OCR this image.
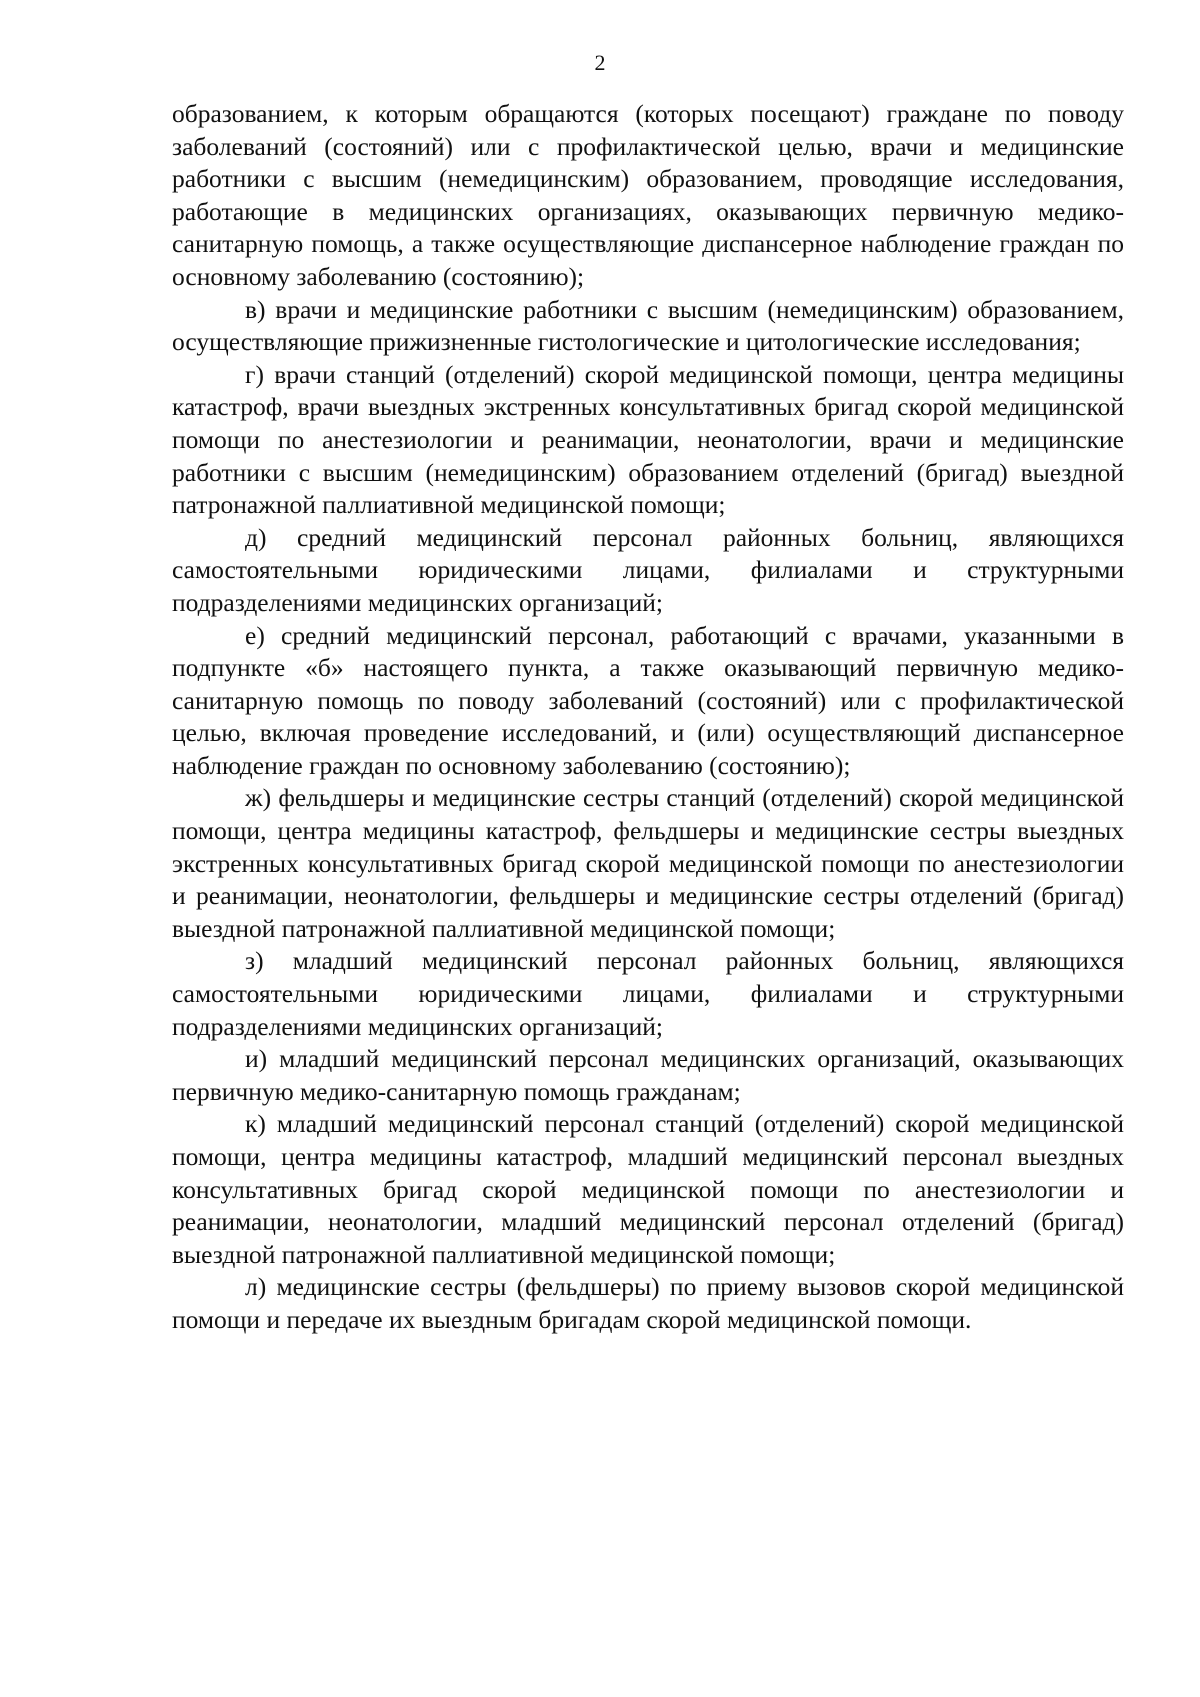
2

образованием, к которым обращаются (которых посещают) граждане по поводу заболеваний (состояний) или с профилактической целью, врачи и медицинские работники с высшим (немедицинским) образованием, проводящие исследования, работающие в медицинских организациях, оказывающих первичную медико-санитарную помощь, а также осуществляющие диспансерное наблюдение граждан по основному заболеванию (состоянию);

в) врачи и медицинские работники с высшим (немедицинским) образованием, осуществляющие прижизненные гистологические и цитологические исследования;

г) врачи станций (отделений) скорой медицинской помощи, центра медицины катастроф, врачи выездных экстренных консультативных бригад скорой медицинской помощи по анестезиологии и реанимации, неонатологии, врачи и медицинские работники с высшим (немедицинским) образованием отделений (бригад) выездной патронажной паллиативной медицинской помощи;

д) средний медицинский персонал районных больниц, являющихся самостоятельными юридическими лицами, филиалами и структурными подразделениями медицинских организаций;

е) средний медицинский персонал, работающий с врачами, указанными в подпункте «б» настоящего пункта, а также оказывающий первичную медико-санитарную помощь по поводу заболеваний (состояний) или с профилактической целью, включая проведение исследований, и (или) осуществляющий диспансерное наблюдение граждан по основному заболеванию (состоянию);

ж) фельдшеры и медицинские сестры станций (отделений) скорой медицинской помощи, центра медицины катастроф, фельдшеры и медицинские сестры выездных экстренных консультативных бригад скорой медицинской помощи по анестезиологии и реанимации, неонатологии, фельдшеры и медицинские сестры отделений (бригад) выездной патронажной паллиативной медицинской помощи;

з) младший медицинский персонал районных больниц, являющихся самостоятельными юридическими лицами, филиалами и структурными подразделениями медицинских организаций;

и) младший медицинский персонал медицинских организаций, оказывающих первичную медико-санитарную помощь гражданам;

к) младший медицинский персонал станций (отделений) скорой медицинской помощи, центра медицины катастроф, младший медицинский персонал выездных консультативных бригад скорой медицинской помощи по анестезиологии и реанимации, неонатологии, младший медицинский персонал отделений (бригад) выездной патронажной паллиативной медицинской помощи;

л) медицинские сестры (фельдшеры) по приему вызовов скорой медицинской помощи и передаче их выездным бригадам скорой медицинской помощи.
